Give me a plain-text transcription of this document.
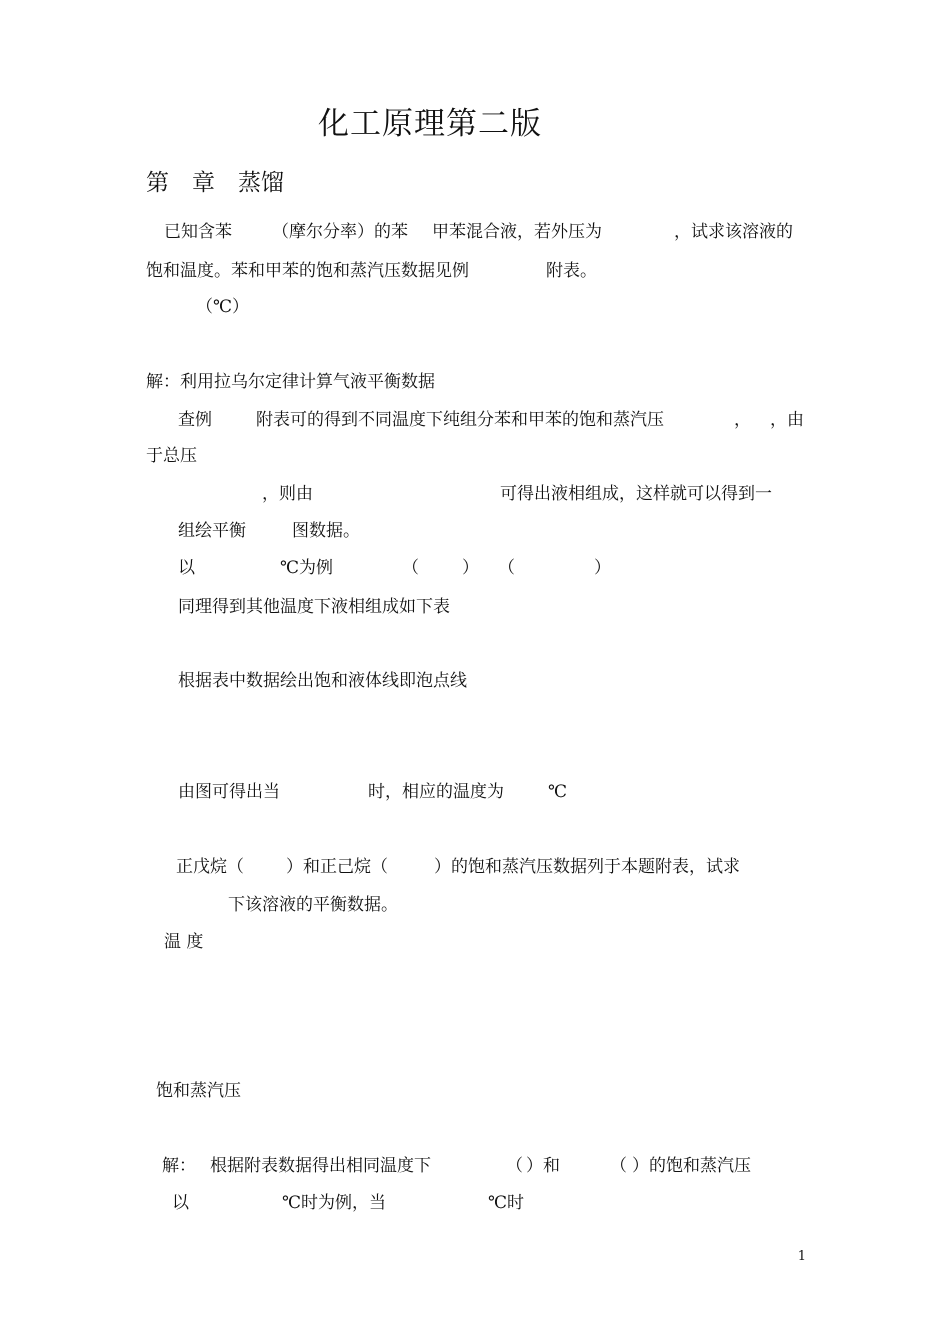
化工原理第二版
第　章　蒸馏
已知含苯 （摩尔分率）的苯 甲苯混合液，若外压为	，试求该溶液的
饱和温度。苯和甲苯的饱和蒸汽压数据见例	附表。
（℃）
解：利用拉乌尔定律计算气液平衡数据
查例	附表可的得到不同温度下纯组分苯和甲苯的饱和蒸汽压	， ，由
于总压
，则由	可得出液相组成，这样就可以得到一
组绘平衡	图数据。
以	℃为例	（	） （	）
同理得到其他温度下液相组成如下表
根据表中数据绘出饱和液体线即泡点线
由图可得出当	时，相应的温度为	℃
正戊烷（ ）和正己烷（	）的饱和蒸汽压数据列于本题附表，试求
下该溶液的平衡数据。
温 度
饱和蒸汽压
解： 根据附表数据得出相同温度下	（ ）和	（ ）的饱和蒸汽压
以	℃时为例，当	℃时
1
